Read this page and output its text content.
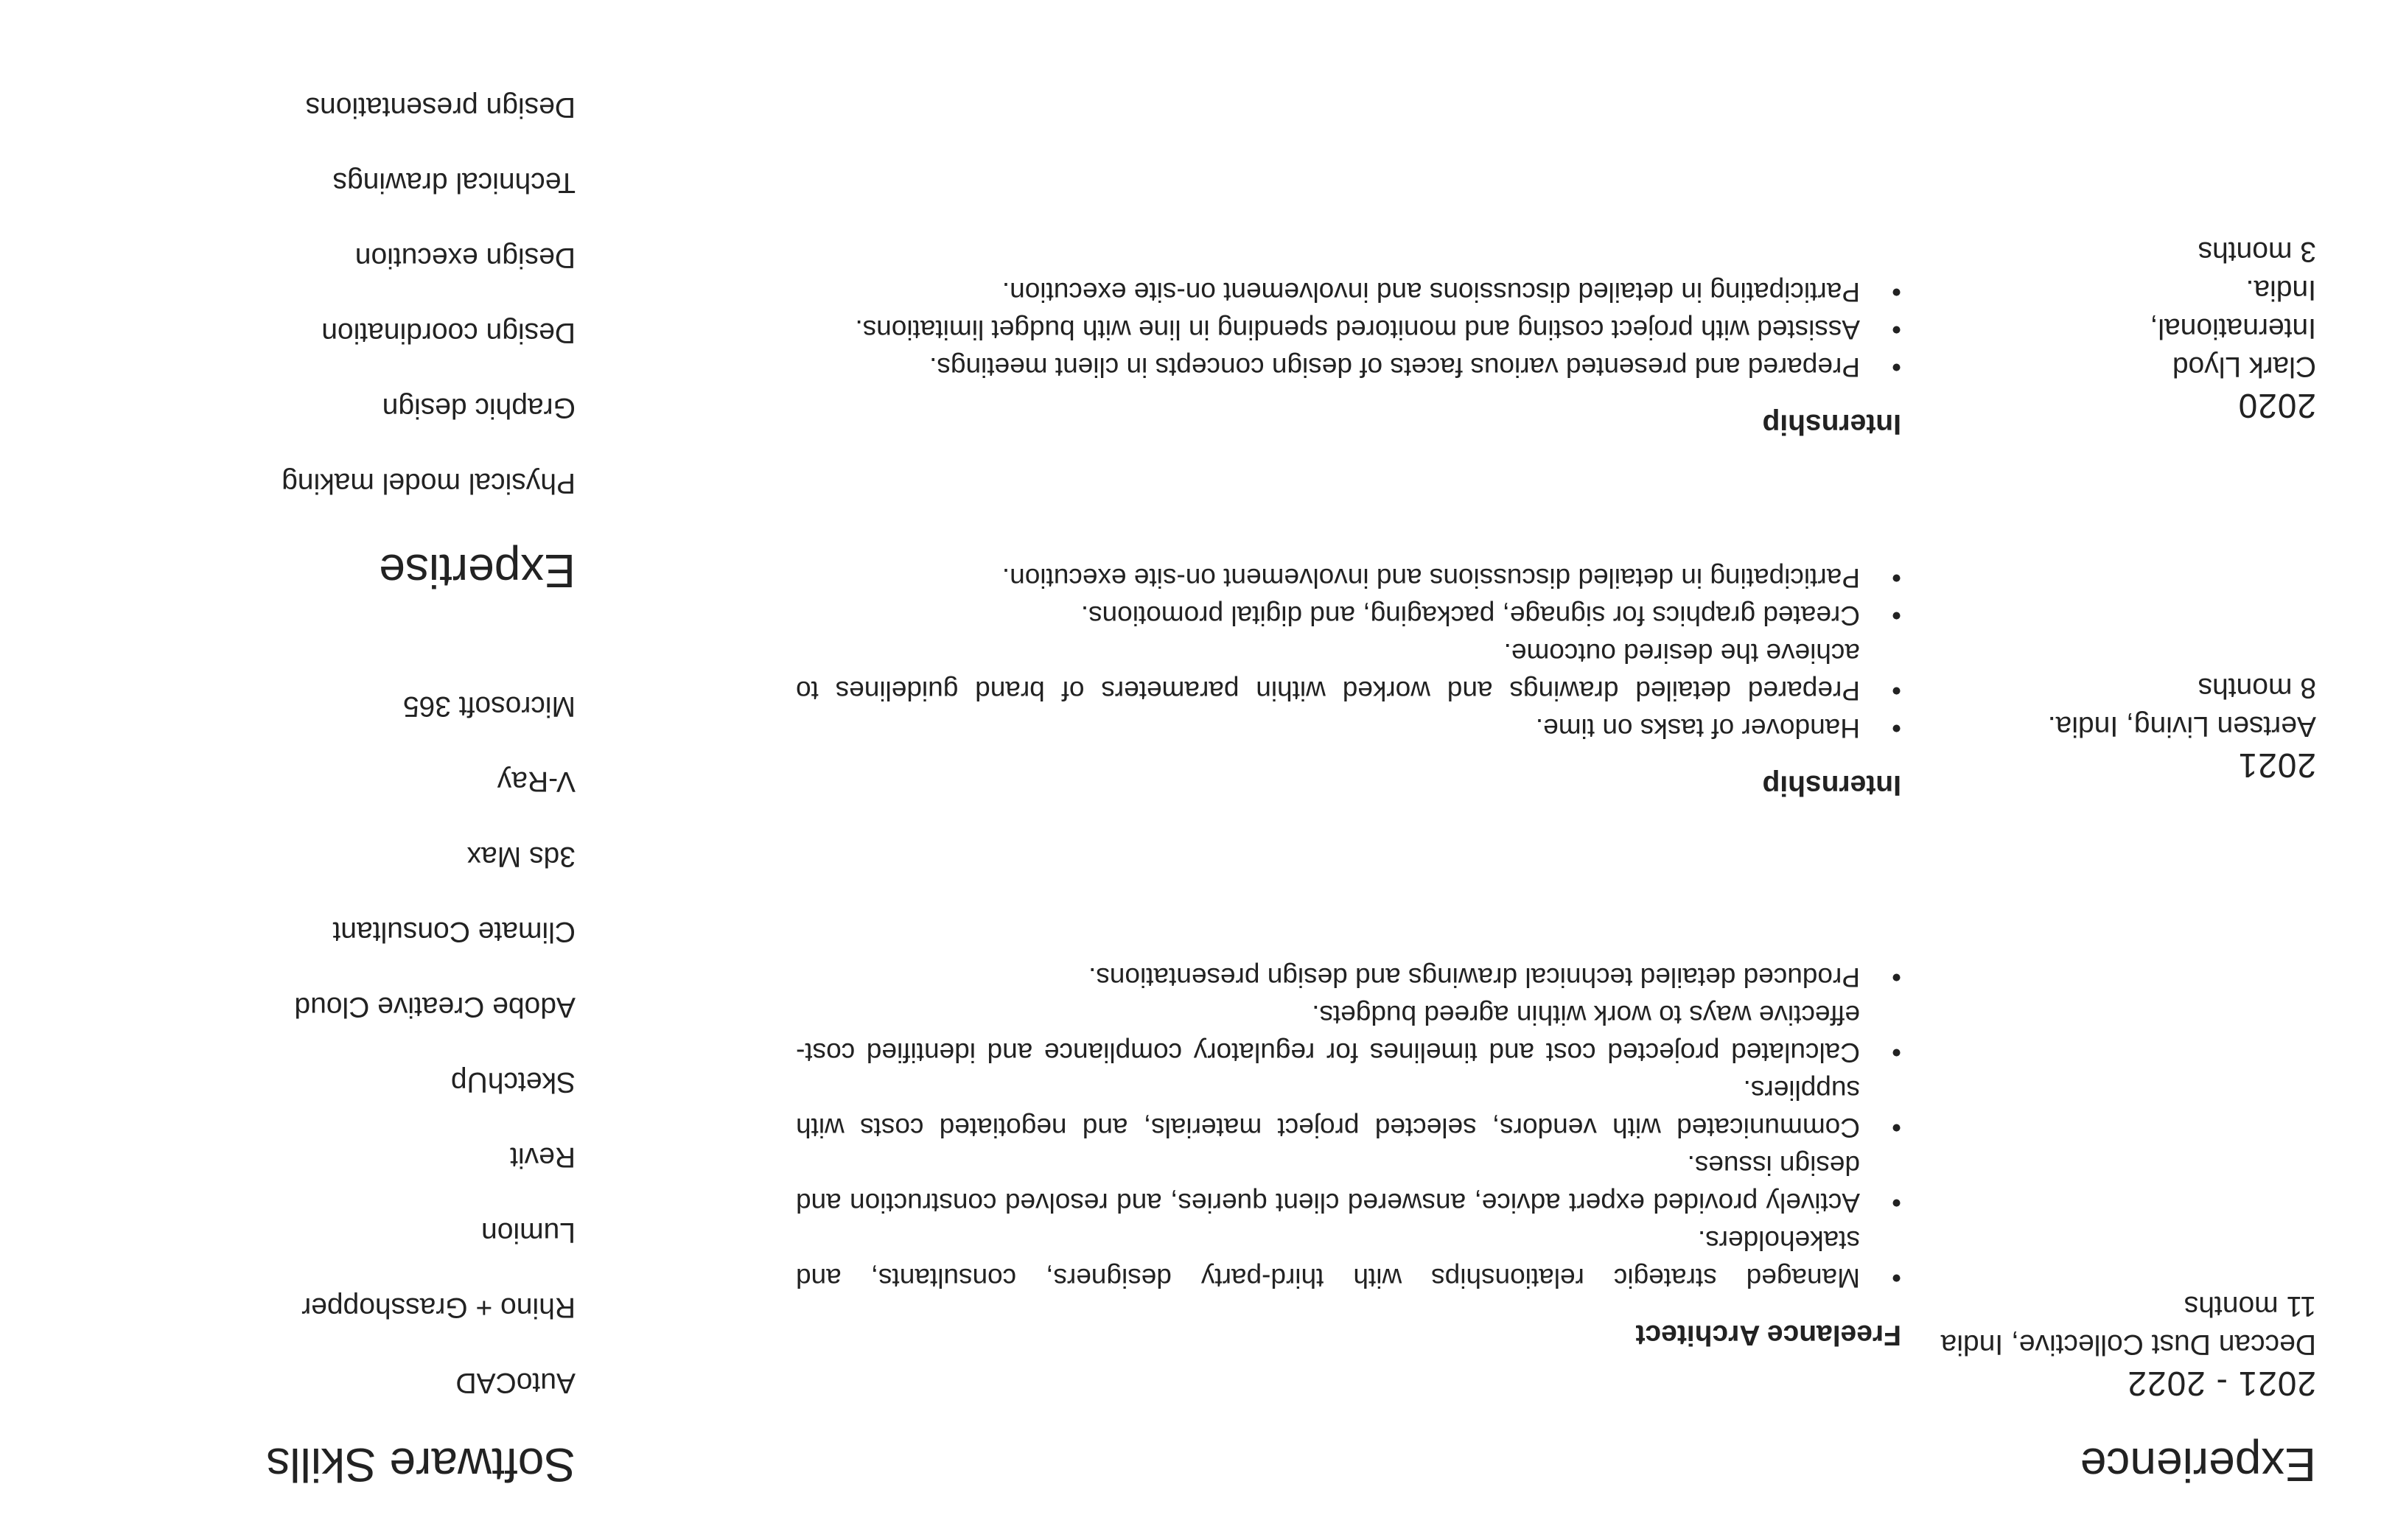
Experience
2021 - 2022
Deccan Dust Collective, India
11 months
2021
Aertsen Living, India.
8 months
2020
Clark Llyod International, India.
3 months
Freelance Architect
• Managed strategic relationships with third-party designers, consultants, and stakeholders.
• Actively provided expert advice, answered client queries, and resolved construction and design issues.
• Communicated with vendors, selected project materials, and negotiated costs with suppliers.
• Calculated projected cost and timelines for regulatory compliance and identified cost-effective ways to work within agreed budgets.
• Produced detailed technical drawings and design presentations.
Internship
• Handover of tasks on time.
• Prepared detailed drawings and worked within parameters of brand guidelines to achieve the desired outcome.
• Created graphics for signage, packaging, and digital promotions.
• Participating in detailed discussions and involvement on-site execution.
Internship
• Prepared and presented various facets of design concepts in client meetings.
• Assisted with project costing and monitored spending in line with budget limitations.
• Participating in detailed discussions and involvement on-site execution.
Software Skills
AutoCAD
Rhino + Grasshopper
Lumion
Revit
SketchUp
Adobe Creative Cloud
Climate Consultant
3ds Max
V-Ray
Microsoft 365
Expertise
Physical model making
Graphic design
Design coordination
Design execution
Technical drawings
Design presentations
